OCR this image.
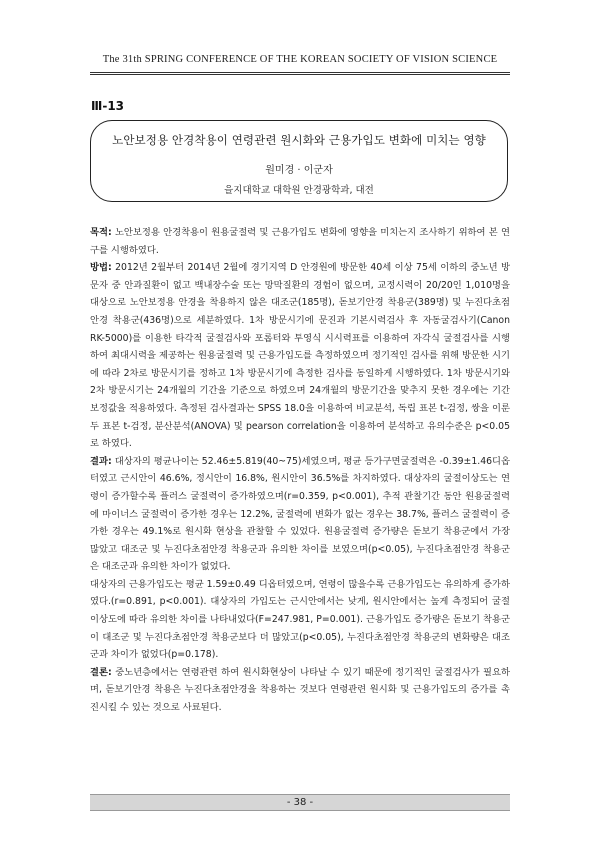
The 31th SPRING CONFERENCE OF THE KOREAN SOCIETY OF VISION SCIENCE
Ⅲ-13
노안보정용 안경착용이 연령관련 원시화와 근용가입도 변화에 미치는 영향
원미경 · 이군자
을지대학교 대학원 안경광학과, 대전

목적: 노안보정용 안경착용이 원용굴절력 및 근용가입도 변화에 영향을 미치는지 조사하기 위하여 본 연구를 시행하였다.

방법: 2012년 2월부터 2014년 2월에 경기지역 D 안경원에 방문한 40세 이상 75세 이하의 중노년 방문자 중 안과질환이 없고 백내장수술 또는 망막질환의 경험이 없으며, 교정시력이 20/20인 1,010명을 대상으로 노안보정용 안경을 착용하지 않은 대조군(185명), 돋보기안경 착용군(389명) 및 누진다초점안경 착용군(436명)으로 세분하였다. 1차 방문시기에 문진과 기본시력검사 후 자동굴검사기(Canon RK-5000)를 이용한 타각적 굴절검사와 포롭터와 투영식 시시력표를 이용하여 자각식 굴절검사를 시행하여 최대시력을 제공하는 원용굴절력 및 근용가입도를 측정하였으며 정기적인 검사를 위해 방문한 시기에 따라 2차로 방문시기를 정하고 1차 방문시기에 측정한 검사를 동일하게 시행하였다. 1차 방문시기와 2차 방문시기는 24개월의 기간을 기준으로 하였으며 24개월의 방문기간을 맞추지 못한 경우에는 기간 보정값을 적용하였다. 측정된 검사결과는 SPSS 18.0을 이용하여 비교분석, 독립 표본 t-검정, 쌍을 이룬 두 표본 t-검정, 분산분석(ANOVA) 및 pearson correlation을 이용하여 분석하고 유의수준은 p<0.05로 하였다.

결과: 대상자의 평균나이는 52.46±5.819(40~75)세였으며, 평균 등가구면굴절력은 -0.39±1.46디옵터였고 근시안이 46.6%, 정시안이 16.8%, 원시안이 36.5%를 차지하였다. 대상자의 굴절이상도는 연령이 증가할수록 플러스 굴절력이 증가하였으며(r=0.359, p<0.001), 추적 관찰기간 동안 원용굴절력에 마이너스 굴절력이 증가한 경우는 12.2%, 굴절력에 변화가 없는 경우는 38.7%, 플러스 굴절력이 증가한 경우는 49.1%로 원시화 현상을 관찰할 수 있었다. 원용굴절력 증가량은 돋보기 착용군에서 가장 많았고 대조군 및 누진다초점안경 착용군과 유의한 차이를 보였으며(p<0.05), 누진다초점안경 착용군은 대조군과 유의한 차이가 없었다.

대상자의 근용가입도는 평균 1.59±0.49 디옵터였으며, 연령이 많을수록 근용가입도는 유의하게 증가하였다.(r=0.891, p<0.001). 대상자의 가입도는 근시안에서는 낮게, 원시안에서는 높게 측정되어 굴절이상도에 따라 유의한 차이를 나타내었다(F=247.981, P=0.001). 근용가입도 증가량은 돋보기 착용군이 대조군 및 누진다초점안경 착용군보다 더 많았고(p<0.05), 누진다초점안경 착용군의 변화량은 대조군과 차이가 없었다(p=0.178).

결론: 중노년층에서는 연령관련 하여 원시화현상이 나타날 수 있기 때문에 정기적인 굴절검사가 필요하며, 돋보기안경 착용은 누진다초점안경을 착용하는 것보다 연령관련 원시화 및 근용가입도의 증가를 촉진시킬 수 있는 것으로 사료된다.

- 38 -
